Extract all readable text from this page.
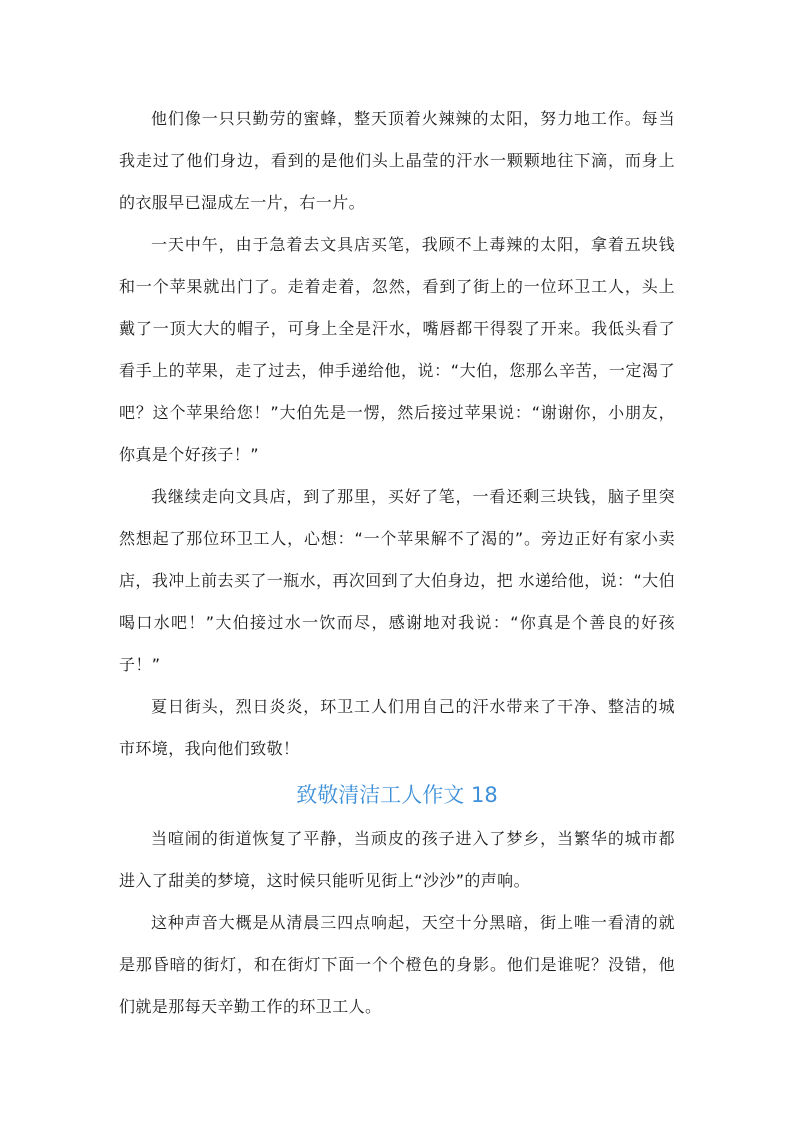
他们像一只只勤劳的蜜蜂，整天顶着火辣辣的太阳，努力地工作。每当我走过了他们身边，看到的是他们头上晶莹的汗水一颗颗地往下滴，而身上的衣服早已湿成左一片，右一片。

一天中午，由于急着去文具店买笔，我顾不上毒辣的太阳，拿着五块钱和一个苹果就出门了。走着走着，忽然，看到了街上的一位环卫工人，头上戴了一顶大大的帽子，可身上全是汗水，嘴唇都干得裂了开来。我低头看了看手上的苹果，走了过去，伸手递给他，说：“大伯，您那么辛苦，一定渴了吧？这个苹果给您！”大伯先是一愣，然后接过苹果说：“谢谢你，小朋友，你真是个好孩子！”

我继续走向文具店，到了那里，买好了笔，一看还剩三块钱，脑子里突然想起了那位环卫工人，心想：“一个苹果解不了渴的”。旁边正好有家小卖店，我冲上前去买了一瓶水，再次回到了大伯身边，把 水递给他，说：“大伯喝口水吧！”大伯接过水一饮而尽，感谢地对我说：“你真是个善良的好孩子！”

夏日街头，烈日炎炎，环卫工人们用自己的汗水带来了干净、整洁的城市环境，我向他们致敬！

致敬清洁工人作文 18

当喧闹的街道恢复了平静，当顽皮的孩子进入了梦乡，当繁华的城市都进入了甜美的梦境，这时候只能听见街上“沙沙”的声响。

这种声音大概是从清晨三四点响起，天空十分黑暗，街上唯一看清的就是那昏暗的街灯，和在街灯下面一个个橙色的身影。他们是谁呢？没错，他们就是那每天辛勤工作的环卫工人。
